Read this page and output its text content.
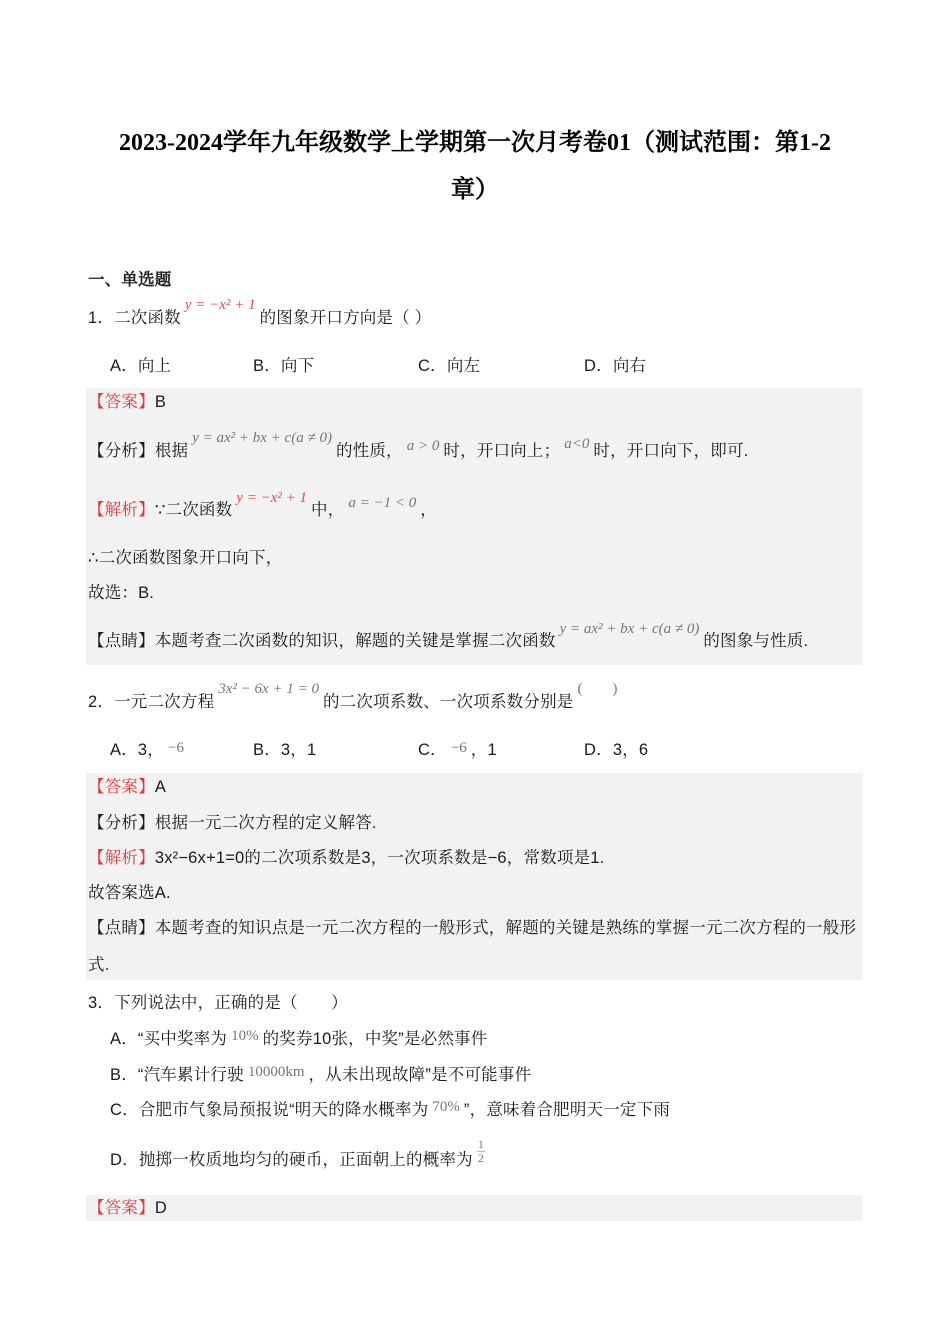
2023-2024学年九年级数学上学期第一次月考卷01（测试范围：第1-2
章）
一、单选题
1．二次函数y = −x² + 1的图象开口方向是（ ）
A．向上	B．向下	C．向左	D．向右
【答案】B
【分析】根据y = ax² + bx + c(a ≠ 0)的性质， a > 0 时，开口向上； a<0 时，开口向下，即可.
【解析】∵二次函数y = −x² + 1中， a = −1 < 0 ，
∴二次函数图象开口向下，
故选：B.
【点睛】本题考查二次函数的知识，解题的关键是掌握二次函数y = ax² + bx + c(a ≠ 0)的图象与性质.
2．一元二次方程3x² − 6x + 1 = 0的二次项系数、一次项系数分别是(　　)
A．3， −6	B．3，1	C． −6 ，1	D．3，6
【答案】A
【分析】根据一元二次方程的定义解答.
【解析】3x²−6x+1=0的二次项系数是3，一次项系数是−6，常数项是1.
故答案选A.
【点睛】本题考查的知识点是一元二次方程的一般形式，解题的关键是熟练的掌握一元二次方程的一般形式.
3．下列说法中，正确的是（　　）
A．“买中奖率为 10% 的奖券10张，中奖”是必然事件
B．“汽车累计行驶 10000km ，从未出现故障”是不可能事件
C．合肥市气象局预报说“明天的降水概率为 70% ”，意味着合肥明天一定下雨
D．抛掷一枚质地均匀的硬币，正面朝上的概率为 $\frac{1}{2}$
【答案】D
